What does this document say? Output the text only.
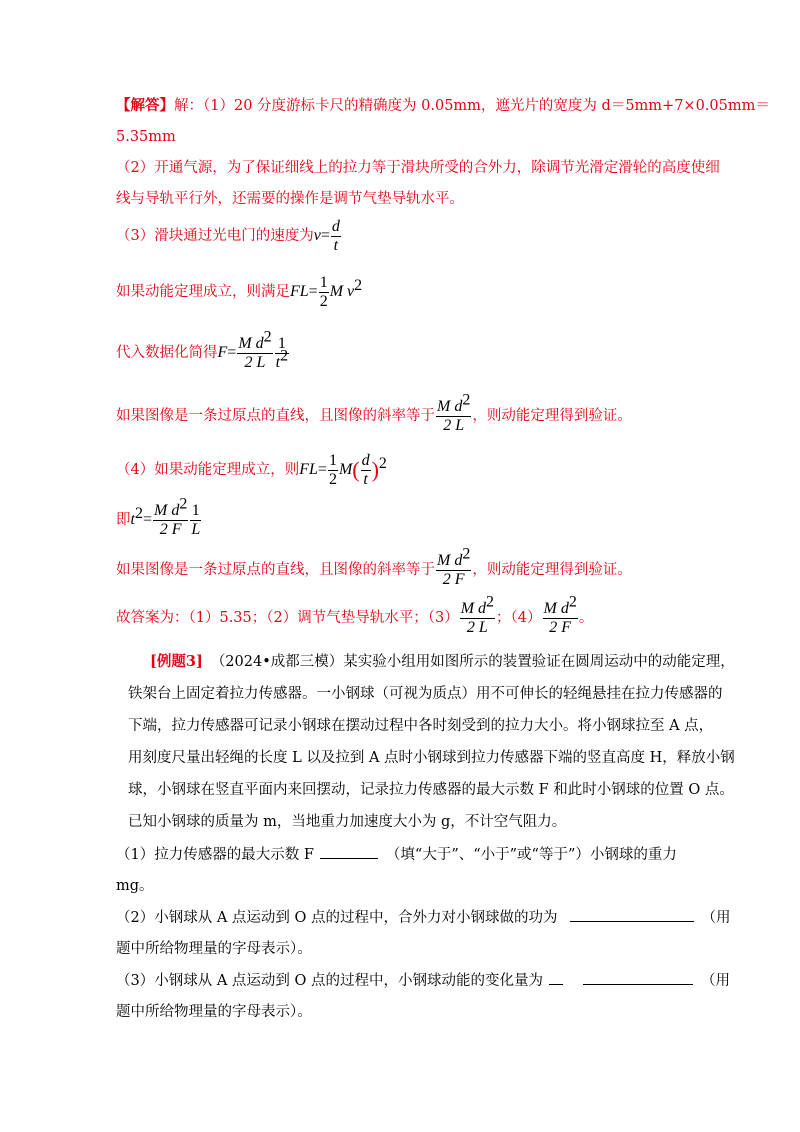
【解答】解：（1）20 分度游标卡尺的精确度为 0.05mm，遮光片的宽度为 d＝5mm+7×0.05mm＝
5.35mm
（2）开通气源，为了保证细线上的拉力等于滑块所受的合外力，除调节光滑定滑轮的高度使细
线与导轨平行外，还需要的操作是调节气垫导轨水平。
（3）滑块通过光电门的速度为$v= \frac{d}{t}$
如果动能定理成立，则满足$FL= \frac{1}{2}$ M $v^2$
代入数据化简得$F= \frac{M d^2}{2 L} \frac{1}{t^2}$
如果图像是一条过原点的直线，且图像的斜率等于 $\frac{M d^2}{2 L}$ ，则动能定理得到验证。
（4）如果动能定理成立，则$FL= \frac{1}{2} M( \frac{d}{t} )^2$
即$t^2= \frac{M d^2}{2 F} \frac{1}{L}$
如果图像是一条过原点的直线，且图像的斜率等于 $\frac{M d^2}{2 F}$ ，则动能定理得到验证。
故答案为：（1）5.35；（2）调节气垫导轨水平；$(3) \frac{M d^2}{2 L}$ ；$(4) \frac{M d^2}{2 F}$ 。
[例题3] （2024•成都三模）某实验小组用如图所示的装置验证在圆周运动中的动能定理，
铁架台上固定着拉力传感器。一小钢球（可视为质点）用不可伸长的轻绳悬挂在拉力传感器的
下端，拉力传感器可记录小钢球在摆动过程中各时刻受到的拉力大小。将小钢球拉至 A 点，
用刻度尺量出轻绳的长度 L 以及拉到 A 点时小钢球到拉力传感器下端的竖直高度 H，释放小钢
球，小钢球在竖直平面内来回摆动，记录拉力传感器的最大示数 F 和此时小钢球的位置 O 点。
已知小钢球的质量为 m，当地重力加速度大小为 g，不计空气阻力。
（1）拉力传感器的最大示数 F	（填“大于”、“小于”或“等于”）小钢球的重力
mg。
（2）小钢球从 A 点运动到 O 点的过程中，合外力对小钢球做的功为	（用
题中所给物理量的字母表示）。
（3）小钢球从 A 点运动到 O 点的过程中，小钢球动能的变化量为	（用
题中所给物理量的字母表示）。
